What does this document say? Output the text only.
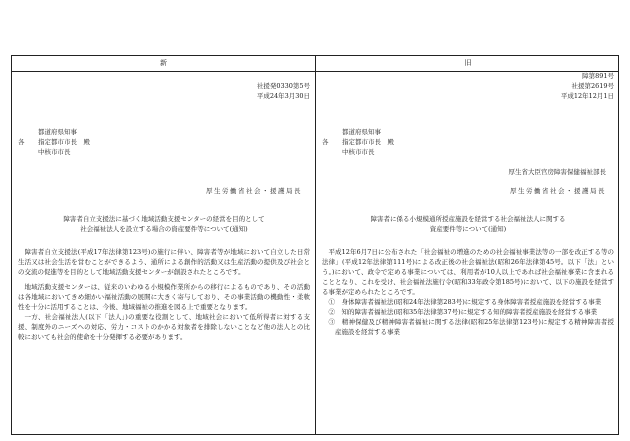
新	旧
社援発0330第5号
平成24年3月30日
都道府県知事
各 指定都市市長　殿
中核市市長
厚生労働省社会・援護局長
障害者自立支援法に基づく地域活動支援センターの経営を目的として
社会福祉法人を設立する場合の資産要件等について(通知)

障害者自立支援法(平成17年法律第123号)の施行に伴い、障害者等が地域において自立した日常生活又は社会生活を営むことができるよう、通所による創作的活動又は生産活動の提供及び社会との交流の促進等を目的として地域活動支援センターが創設されたところです。

地域活動支援センターは、従来のいわゆる小規模作業所からの移行によるものであり、その活動は各地域においてきめ細かい福祉活動の展開に大きく寄与しており、その事業活動の機動性・柔軟性を十分に活用することは、今後、地域福祉の推進を図る上で重要となります。

一方、社会福祉法人(以下「法人」)の重要な役割として、地域社会において低所得者に対する支援、制度外のニーズへの対応、労力・コストのかかる対象者を排除しないことなど他の法人との比較においても社会的使命を十分発揮する必要があります。

障第891号
社援第2619号
平成12年12月1日
都道府県知事
各 指定都市市長　殿
中核市市長
厚生省大臣官房障害保健福祉部長
厚生労働省社会・援護局長
障害者に係る小規模通所授産施設を経営する社会福祉法人に関する
資産要件等について(通知)

平成12年6月7日に公布された「社会福祉の増進のための社会福祉事業法等の一部を改正する等の法律」(平成12年法律第111号)による改正後の社会福祉法(昭和26年法律第45号。以下「法」という。)において、政令で定める事業については、利用者が10人以上であれば社会福祉事業に含まれることとなり、これを受け、社会福祉法施行令(昭和33年政令第185号)において、以下の施設を経営する事業が定められたところです。

①　身体障害者福祉法(昭和24年法律第283号)に規定する身体障害者授産施設を経営する事業

②　知的障害者福祉法(昭和35年法律第37号)に規定する知的障害者授産施設を経営する事業

③　精神保健及び精神障害者福祉に関する法律(昭和25年法律第123号)に規定する精神障害者授産施設を経営する事業
